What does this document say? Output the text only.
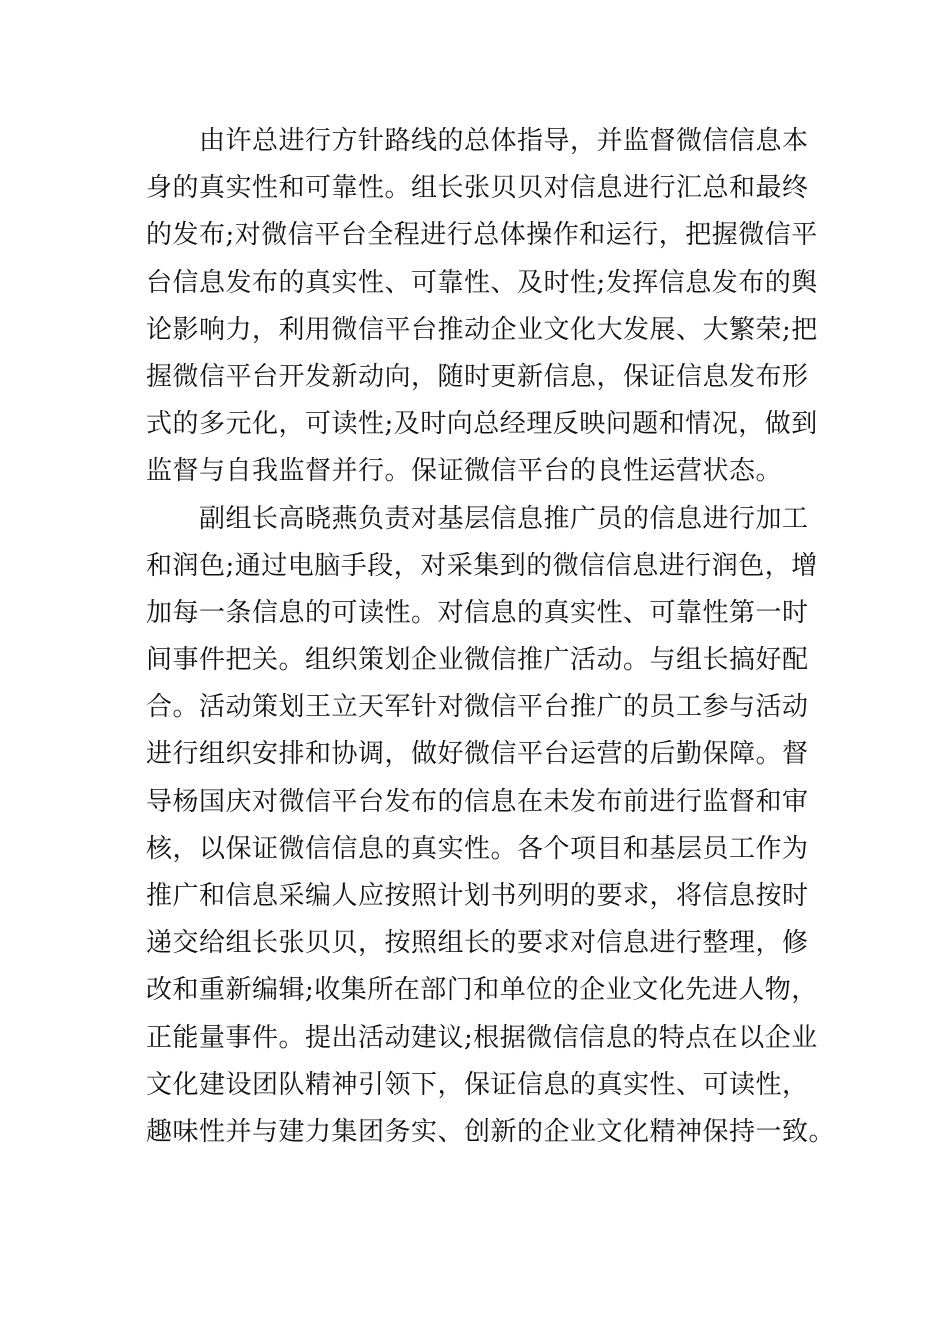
由许总进行方针路线的总体指导，并监督微信信息本
身的真实性和可靠性。组长张贝贝对信息进行汇总和最终
的发布;对微信平台全程进行总体操作和运行，把握微信平
台信息发布的真实性、可靠性、及时性;发挥信息发布的舆
论影响力，利用微信平台推动企业文化大发展、大繁荣;把
握微信平台开发新动向，随时更新信息，保证信息发布形
式的多元化，可读性;及时向总经理反映问题和情况，做到
监督与自我监督并行。保证微信平台的良性运营状态。
副组长高晓燕负责对基层信息推广员的信息进行加工
和润色;通过电脑手段，对采集到的微信信息进行润色，增
加每一条信息的可读性。对信息的真实性、可靠性第一时
间事件把关。组织策划企业微信推广活动。与组长搞好配
合。活动策划王立天军针对微信平台推广的员工参与活动
进行组织安排和协调，做好微信平台运营的后勤保障。督
导杨国庆对微信平台发布的信息在未发布前进行监督和审
核，以保证微信信息的真实性。各个项目和基层员工作为
推广和信息采编人应按照计划书列明的要求，将信息按时
递交给组长张贝贝，按照组长的要求对信息进行整理，修
改和重新编辑;收集所在部门和单位的企业文化先进人物，
正能量事件。提出活动建议;根据微信信息的特点在以企业
文化建设团队精神引领下，保证信息的真实性、可读性，
趣味性并与建力集团务实、创新的企业文化精神保持一致。
